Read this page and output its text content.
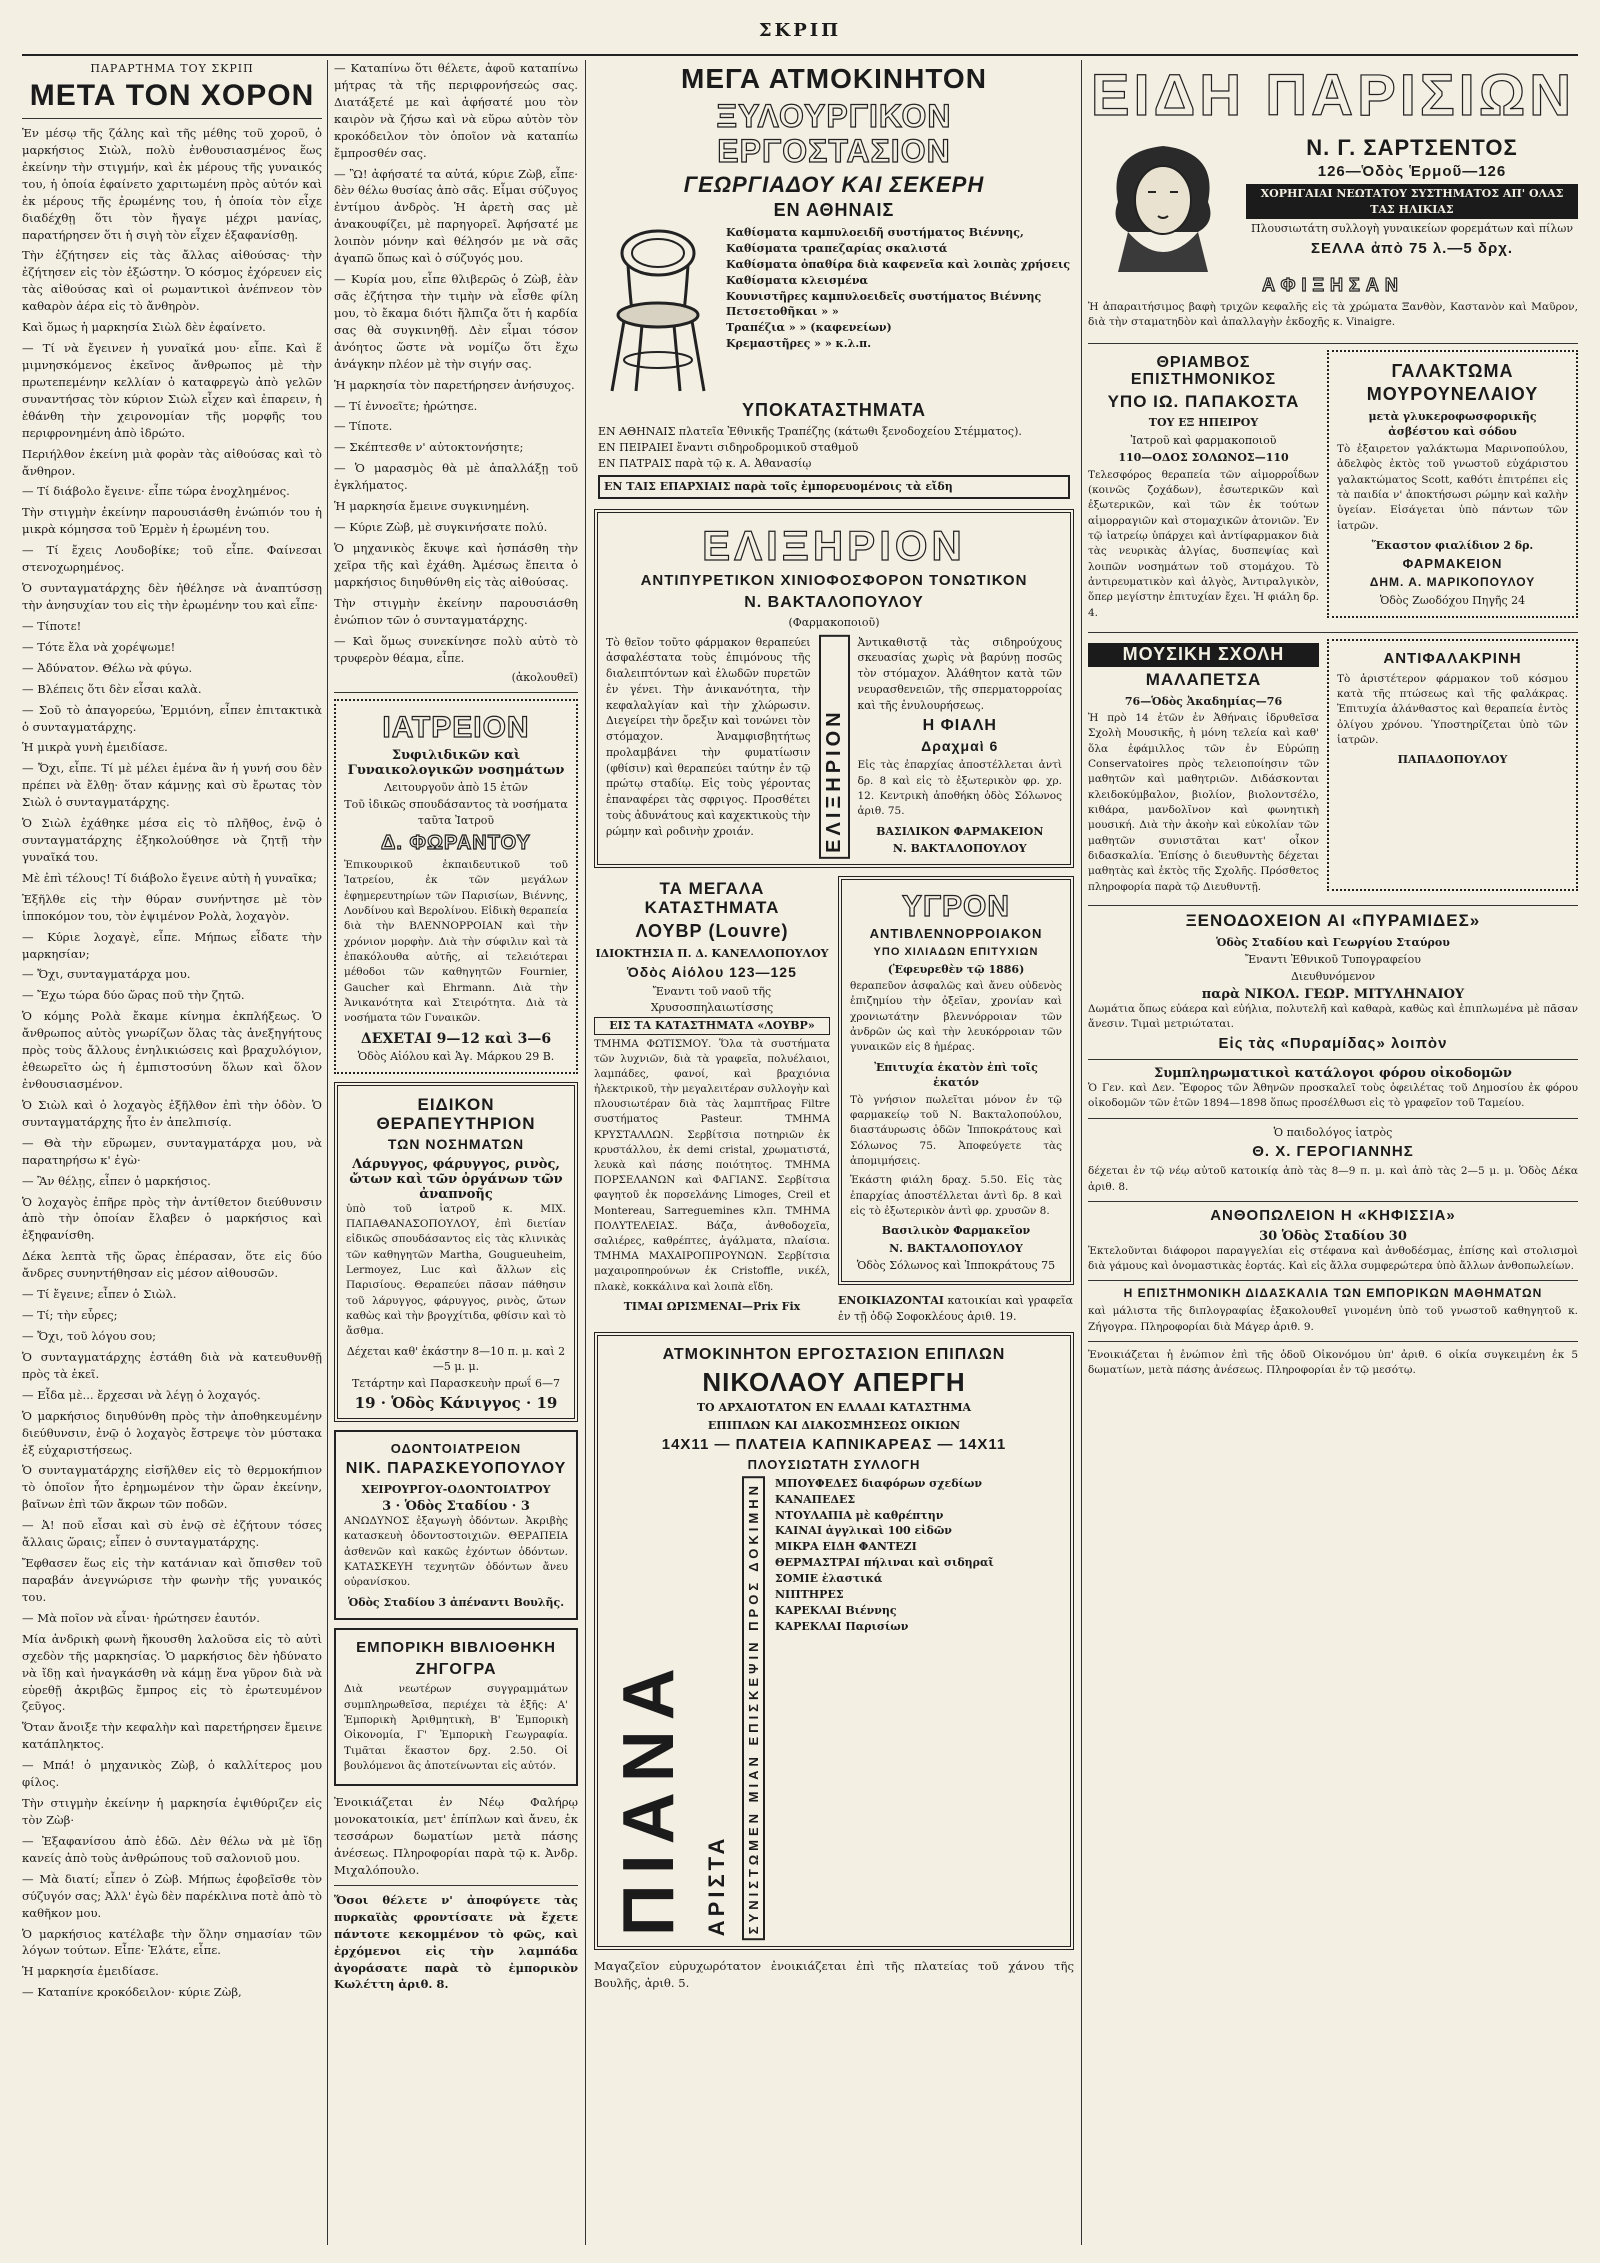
ΣΚΡΙΠ
ΠΑΡΑΡΤΗΜΑ ΤΟΥ ΣΚΡΙΠ
ΜΕΤΑ ΤΟΝ ΧΟΡΟΝ

Ἐν μέσῳ τῆς ζάλης καὶ τῆς μέθης τοῦ χοροῦ, ὁ μαρκήσιος Σιὼλ, πολὺ ἐνθουσιασμένος ἕως ἐκείνην τὴν στιγμήν, καὶ ἐκ μέρους τῆς γυναικός του, ἡ ὁποία ἐφαίνετο χαριτωμένη πρὸς αὐτόν καὶ ἐκ μέρους τῆς ἐρωμένης του, ἡ ὁποία τὸν εἶχε διαδέχθῃ ὅτι τὸν ἤγαγε μέχρι μανίας, παρατήρησεν ὅτι ἡ σιγὴ τὸν εἶχεν ἐξαφανίσθῃ.

Τὴν ἐζήτησεν εἰς τὰς ἄλλας αἰθούσας· τὴν ἐζήτησεν εἰς τὸν ἐξώστην. Ὁ κόσμος ἐχόρευεν εἰς τὰς αἰθούσας καὶ οἱ ρωμαντικοὶ ἀνέπνεον τὸν καθαρὸν ἀέρα εἰς τὸ ἄνθηρὸν.

Καὶ ὅμως ἡ μαρκησία Σιὼλ δὲν ἐφαίνετο.

— Τί νὰ ἔγεινεν ἡ γυναῖκά μου· εἶπε. Καὶ ἕ μιμνησκόμενος ἐκεῖνος ἄνθρωπος μὲ τὴν πρωτεπεμένην κελλίαν ὁ καταφρεγὼ ἀπὸ γελῶν συναντήσας τὸν κύριον Σιὼλ εἶχεν καὶ ἐπαρειν, ἡ ἐθάνθη τὴν χειρονομίαν τῆς μορφῆς του περιφρονημένη ἀπὸ ἰδρώτο.

Περιήλθον ἐκείνη μιὰ φορὰν τὰς αἰθούσας καὶ τὸ ἄνθηρον.

— Τί διάβολο ἔγεινε· εἶπε τώρα ἐνοχλημένος.

Τὴν στιγμὴν ἐκείνην παρουσιάσθη ἐνώπιόν του ἡ μικρὰ κόμησσα τοῦ Ἐρμὲν ἡ ἐρωμένη του.

— Τί ἔχεις Λουδοβίκε; τοῦ εἶπε. Φαίνεσαι στενοχωρημένος.

Ὁ συνταγματάρχης δὲν ἠθέλησε νὰ ἀναπτύσσῃ τὴν ἀνησυχίαν του εἰς τὴν ἐρωμένην του καὶ εἶπε·

— Τίποτε!

— Τότε ἔλα νὰ χορέψωμε!

— Ἀδύνατον. Θέλω νὰ φύγω.

— Βλέπεις ὅτι δὲν εἶσαι καλὰ.

— Σοῦ τὸ ἀπαγορεύω, Ἐρμιόνη, εἶπεν ἐπιτακτικὰ ὁ συνταγματάρχης.

Ἡ μικρὰ γυνὴ ἐμειδίασε.

— Ὄχι, εἶπε. Τί μὲ μέλει ἐμένα ἂν ἡ γυνή σου δὲν πρέπει νὰ ἔλθῃ· ὅταν κάμνῃς καὶ σὺ ἔρωτας τὸν Σιὼλ ὁ συνταγματάρχης.

Ὁ Σιὼλ ἐχάθηκε μέσα εἰς τὸ πλῆθος, ἐνῷ ὁ συνταγματάρχης ἐξηκολούθησε νὰ ζητῇ τὴν γυναῖκά του.

Μὲ ἐπὶ τέλους! Τί διάβολο ἔγεινε αὐτὴ ἡ γυναῖκα;

Ἐξῆλθε εἰς τὴν θύραν συνήντησε μὲ τὸν ἰπποκόμον του, τὸν ἐψιμένον Ρολὰ, λοχαγὸν.

— Κύριε λοχαγὲ, εἶπε. Μήπως εἶδατε τὴν μαρκησίαν;

— Ὄχι, συνταγματάρχα μου.

— Ἔχω τώρα δύο ὥρας ποῦ τὴν ζητῶ.

Ὁ κόμης Ρολὰ ἔκαμε κίνημα ἐκπλήξεως. Ὁ ἄνθρωπος αὐτὸς γνωρίζων ὅλας τὰς ἀνεξηγήτους πρὸς τοὺς ἄλλους ἐνηλικιώσεις καὶ βραχυλόγιον, ἐθεωρεῖτο ὡς ἡ ἐμπιστοσύνη ὅλων καὶ ὅλον ἐνθουσιασμένον.

Ὁ Σιὼλ καὶ ὁ λοχαγὸς ἐξῆλθον ἐπὶ τὴν ὁδὸν. Ὁ συνταγματάρχης ἦτο ἐν ἀπελπισίᾳ.

— Θὰ τὴν εὕρωμεν, συνταγματάρχα μου, νὰ παρατηρήσω κ' ἐγὼ·

— Ἂν θέλῃς, εἶπεν ὁ μαρκήσιος.

Ὁ λοχαγὸς ἐπῆρε πρὸς τὴν ἀντίθετον διεύθυνσιν ἀπὸ τὴν ὁποίαν ἔλαβεν ὁ μαρκήσιος καὶ ἐξηφανίσθη.

Δέκα λεπτὰ τῆς ὥρας ἐπέρασαν, ὅτε εἰς δύο ἄνδρες συνηντήθησαν εἰς μέσον αἰθουσῶν.

— Τί ἔγεινε; εἶπεν ὁ Σιὼλ.

— Τί; τὴν εὗρες;

— Ὄχι, τοῦ λόγου σου;

Ὁ συνταγματάρχης ἐστάθη διὰ νὰ κατευθυνθῇ πρὸς τὰ ἐκεῖ.

— Εἶδα μὲ... ἔρχεσαι νὰ λέγῃ ὁ λοχαγός.

Ὁ μαρκήσιος διηυθύνθη πρὸς τὴν ἀποθηκευμένην διεύθυνσιν, ἐνῷ ὁ λοχαγὸς ἔστρεψε τὸν μύστακα ἐξ εὐχαριστήσεως.

Ὁ συνταγματάρχης εἰσῆλθεν εἰς τὸ θερμοκήπιον τὸ ὁποῖον ἦτο ἐρημωμένον τὴν ὥραν ἐκείνην, βαῖνων ἐπὶ τῶν ἄκρων τῶν ποδῶν.

— Ἀ! ποῦ εἶσαι καὶ σὺ ἐνῷ σὲ ἐζήτουν τόσες ἄλλαις ὥραις; εἶπεν ὁ συνταγματάρχης.

Ἔφθασεν ἕως εἰς τὴν κατάνιαν καὶ ὄπισθεν τοῦ παραβάν ἀνεγνώρισε τὴν φωνὴν τῆς γυναικός του.

— Μὰ ποῖον νὰ εἶναι· ἠρώτησεν ἐαυτόν.

Μία ἀνδρικὴ φωνὴ ἤκουσθη λαλοῦσα εἰς τὸ αὐτὶ σχεδὸν τῆς μαρκησίας. Ὁ μαρκήσιος δὲν ἠδύνατο νὰ ἴδῃ καὶ ἠναγκάσθη νὰ κάμῃ ἕνα γῦρον διὰ νὰ εὑρεθῇ ἀκριβῶς ἔμπρος εἰς τὸ ἐρωτευμένον ζεῦγος.

Ὅταν ἄνοιξε τὴν κεφαλὴν καὶ παρετήρησεν ἔμεινε κατάπληκτος.

— Μπά! ὁ μηχανικὸς Ζὼβ, ὁ καλλίτερος μου φίλος.

Τὴν στιγμὴν ἐκείνην ἡ μαρκησία ἐψιθύριζεν εἰς τὸν Ζὼβ·

— Ἐξαφανίσου ἀπὸ ἐδῶ. Δὲν θέλω νὰ μὲ ἴδῃ κανείς ἀπὸ τοὺς ἀνθρώπους τοῦ σαλονιοῦ μου.

— Μὰ διατί; εἶπεν ὁ Ζὼβ. Μήπως ἐφοβεῖσθε τὸν σύζυγόν σας; Ἀλλ' ἐγὼ δὲν παρέκλινα ποτὲ ἀπὸ τὸ καθῆκον μου.

Ὁ μαρκήσιος κατέλαβε τὴν ὅλην σημασίαν τῶν λόγων τούτων. Εἶπε· Ἐλάτε, εἶπε.

Ἡ μαρκησία ἐμειδίασε.

— Καταπίνε κροκόδειλον· κύριε Ζὼβ,

— Καταπίνω ὅτι θέλετε, ἀφοῦ καταπίνω μήτρας τὰ τῆς περιφρονήσεώς σας. Διατάξετέ με καὶ ἀφήσατέ μου τὸν καιρὸν νὰ ζήσω καὶ νὰ εὕρω αὐτὸν τὸν κροκόδειλον τὸν ὁποῖον νὰ καταπίω ἔμπροσθέν σας.

— Ὢ! ἀφήσατέ τα αὐτά, κύριε Ζὼβ, εἶπε· δὲν θέλω θυσίας ἀπὸ σᾶς. Εἶμαι σύζυγος ἐντίμου ἀνδρὸς. Ἡ ἀρετὴ σας μὲ ἀνακουφίζει, μὲ παρηγορεῖ. Ἀφήσατέ με λοιπὸν μόνην καὶ θέλησόν με νὰ σᾶς ἀγαπῶ ὅπως καὶ ὁ σύζυγός μου.

— Κυρία μου, εἶπε θλιβερῶς ὁ Ζὼβ, ἐὰν σᾶς ἐζήτησα τὴν τιμὴν νὰ εἶσθε φίλη μου, τὸ ἔκαμα διότι ἤλπιζα ὅτι ἡ καρδία σας θὰ συγκινηθῇ. Δὲν εἶμαι τόσον ἀνόητος ὥστε νὰ νομίζω ὅτι ἔχω ἀνάγκην πλέον μὲ τὴν σιγήν σας.

Ἡ μαρκησία τὸν παρετήρησεν ἀνήσυχος.

— Τί ἐννοεῖτε; ἠρώτησε.

— Τίποτε.

— Σκέπτεσθε ν' αὐτοκτονήσητε;

— Ὁ μαρασμὸς θὰ μὲ ἀπαλλάξῃ τοῦ ἐγκλήματος.

Ἡ μαρκησία ἔμεινε συγκινημένη.

— Κύριε Ζὼβ, μὲ συγκινήσατε πολύ.

Ὁ μηχανικὸς ἔκυψε καὶ ἠσπάσθη τὴν χεῖρα τῆς καὶ ἐχάθη. Ἀμέσως ἔπειτα ὁ μαρκήσιος διηυθύνθη εἰς τὰς αἰθούσας.

Τὴν στιγμὴν ἐκείνην παρουσιάσθη ἐνώπιον τῶν ὁ συνταγματάρχης.

— Καὶ ὅμως συνεκίνησε πολὺ αὐτὸ τὸ τρυφερὸν θέαμα, εἶπε.

(ἀκολουθεῖ)
ΙΑΤΡΕΙΟΝ
Συφιλιδικῶν καὶ Γυναικολογικῶν νοσημάτων
Λειτουργοῦν ἀπὸ 15 ἐτῶν
Τοῦ ἰδικῶς σπουδάσαντος τὰ νοσήματα ταῦτα Ἰατροῦ
Δ. ΦΩΡΑΝΤΟΥ
Ἐπικουρικοῦ ἐκπαιδευτικοῦ τοῦ Ἰατρείου, ἐκ τῶν μεγάλων ἐφημερευτηρίων τῶν Παρισίων, Βιέννης, Λονδίνου καὶ Βερολίνου. Εἰδικὴ θεραπεία διὰ τὴν ΒΛΕΝΝΟΡΡΟΙΑΝ καὶ τὴν χρόνιον μορφὴν. Διὰ τὴν σύφιλιν καὶ τὰ ἐπακόλουθα αὐτῆς, αἱ τελειότεραι μέθοδοι τῶν καθηγητῶν Fournier, Gaucher καὶ Ehrmann. Διὰ τὴν Ἀνικανότητα καὶ Στειρότητα. Διὰ τὰ νοσήματα τῶν Γυναικῶν.
ΔΕΧΕΤΑΙ 9—12 καὶ 3—6
Ὁδὸς Αἰόλου καὶ Ἁγ. Μάρκου 29 Β.
ΕΙΔΙΚΟΝ ΘΕΡΑΠΕΥΤΗΡΙΟΝ
ΤΩΝ ΝΟΣΗΜΑΤΩΝ
Λάρυγγος, φάρυγγος, ρινὸς, ὤτων καὶ τῶν ὀργάνων τῶν ἀναπνοῆς
ὑπὸ τοῦ ἰατροῦ κ. ΜΙΧ. ΠΑΠΑΘΑΝΑΣΟΠΟΥΛΟΥ, ἐπὶ διετίαν εἰδικῶς σπουδάσαντος εἰς τὰς κλινικὰς τῶν καθηγητῶν Martha, Gougueuheim, Lermoyez, Luc καὶ ἄλλων εἰς Παρισίους. Θεραπεύει πᾶσαν πάθησιν τοῦ λάρυγγος, φάρυγγος, ρινὸς, ὤτων καθὼς καὶ τὴν βρογχίτιδα, φθίσιν καὶ τὸ ἄσθμα.
Δέχεται καθ' ἑκάστην 8—10 π. μ. καὶ 2—5 μ. μ.
Τετάρτην καὶ Παρασκευὴν πρωΐ 6—7
19 · Ὁδὸς Κάνιγγος · 19
ΟΔΟΝΤΟΙΑΤΡΕΙΟΝ
ΝΙΚ. ΠΑΡΑΣΚΕΥΟΠΟΥΛΟΥ
ΧΕΙΡΟΥΡΓΟΥ-ΟΔΟΝΤΟΙΑΤΡΟΥ
3 · Ὁδὸς Σταδίου · 3
ΑΝΩΔΥΝΟΣ ἐξαγωγὴ ὀδόντων. Ἀκριβὴς κατασκευὴ ὀδοντοστοιχιῶν. ΘΕΡΑΠΕΙΑ ἀσθενῶν καὶ κακῶς ἐχόντων ὀδόντων. ΚΑΤΑΣΚΕΥΗ τεχνητῶν ὀδόντων ἄνευ οὐρανίσκου.
Ὁδὸς Σταδίου 3 ἀπέναντι Βουλῆς.
ΕΜΠΟΡΙΚΗ ΒΙΒΛΙΟΘΗΚΗ
ΖΗΓΟΓΡΑ
Διὰ νεωτέρων συγγραμμάτων συμπληρωθεῖσα, περιέχει τὰ ἑξῆς: Α' Ἐμπορικὴ Ἀριθμητικὴ, Β' Ἐμπορικὴ Οἰκονομία, Γ' Ἐμπορικὴ Γεωγραφία. Τιμᾶται ἕκαστον δρχ. 2.50. Οἱ βουλόμενοι ἂς ἀποτείνωνται εἰς αὐτόν.
Ἐνοικιάζεται ἐν Νέῳ Φαλήρῳ μονοκατοικία, μετ' ἐπίπλων καὶ ἄνευ, ἐκ τεσσάρων δωματίων μετὰ πάσης ἀνέσεως. Πληροφορίαι παρὰ τῷ κ. Ἀνδρ. Μιχαλόπουλο.
Ὅσοι θέλετε ν' ἀποφύγετε τὰς πυρκαϊὰς φροντίσατε νὰ ἔχετε πάντοτε κεκομμένον τὸ φῶς, καὶ ἐρχόμενοι εἰς τὴν λαμπάδα ἀγοράσατε παρὰ τὸ ἐμπορικὸν Κωλέττη ἀριθ. 8.
ΜΕΓΑ ΑΤΜΟΚΙΝΗΤΟΝ
ΞΥΛΟΥΡΓΙΚΟΝ ΕΡΓΟΣΤΑΣΙΟΝ
ΓΕΩΡΓΙΑΔΟΥ ΚΑΙ ΣΕΚΕΡΗ
ΕΝ ΑΘΗΝΑΙΣ

Καθίσματα καμπυλοειδῆ συστήματος Βιέννης,

Καθίσματα τραπεζαρίας σκαλιστά

Καθίσματα ὀπαθίρα διὰ καφενεῖα καὶ λοιπὰς χρήσεις

Καθίσματα κλεισμένα

Κουνιστῆρες καμπυλοειδεῖς συστήματος Βιέννης

Πετσετοθῆκαι » »

Τραπέζια » » (καφενείων)

Κρεμαστῆρες » » κ.λ.π.

ΥΠΟΚΑΤΑΣΤΗΜΑΤΑ

ΕΝ ΑΘΗΝΑΙΣ πλατεῖα Ἐθνικῆς Τραπέζης (κάτωθι ξενοδοχείου Στέμματος).

ΕΝ ΠΕΙΡΑΙΕΙ ἔναντι σιδηροδρομικοῦ σταθμοῦ

ΕΝ ΠΑΤΡΑΙΣ παρὰ τῷ κ. Α. Ἀθανασίῳ

ΕΝ ΤΑΙΣ ΕΠΑΡΧΙΑΙΣ παρὰ τοῖς ἐμπορευομένοις τὰ εἴδη
ΕΛΙΞΗΡΙΟΝ
ΑΝΤΙΠΥΡΕΤΙΚΟΝ ΧΙΝΙΟΦΟΣΦΟΡΟΝ ΤΟΝΩΤΙΚΟΝ
Ν. ΒΑΚΤΑΛΟΠΟΥΛΟΥ
(Φαρμακοποιοῦ)
Τὸ θεῖον τοῦτο φάρμακον θεραπεύει ἀσφαλέστατα τοὺς ἐπιμόνους τῆς διαλειπτόντων καὶ ἑλωδῶν πυρετῶν ἐν γένει. Τὴν ἀνικανότητα, τὴν κεφαλαλγίαν καὶ τὴν χλώρωσιν. Διεγείρει τὴν ὄρεξιν καὶ τονώνει τὸν στόμαχον. Ἀναμφισβητήτως προλαμβάνει τὴν φυματίωσιν (φθίσιν) καὶ θεραπεύει ταύτην ἐν τῷ πρώτῳ σταδίῳ. Εἰς τοὺς γέροντας ἐπαναφέρει τὰς σφριγος. Προσθέτει τοὺς ἀδυνάτους καὶ καχεκτικοὺς τὴν ρώμην καὶ ροδινὴν χροιάν.	ΕΛΙΞΗΡΙΟΝ
Ἀντικαθιστᾷ τὰς σιδηρούχους σκευασίας χωρὶς νὰ βαρύνῃ ποσῶς τὸν στόμαχον. Ἀλάθητον κατὰ τῶν νευρασθενειῶν, τῆς σπερματορροίας καὶ τῆς ἐνυλουρήσεως.
Η ΦΙΑΛΗ
Δραχμαὶ 6
Εἰς τὰς ἐπαρχίας ἀποστέλλεται ἀντὶ δρ. 8 καὶ εἰς τὸ ἐξωτερικὸν φρ. χρ. 12. Κεντρικὴ ἀποθήκη ὁδὸς Σόλωνος ἀριθ. 75.
ΒΑΣΙΛΙΚΟΝ ΦΑΡΜΑΚΕΙΟΝ
Ν. ΒΑΚΤΑΛΟΠΟΥΛΟΥ
ΤΑ ΜΕΓΑΛΑ ΚΑΤΑΣΤΗΜΑΤΑ
ΛΟΥΒΡ (Louvre)
ΙΔΙΟΚΤΗΣΙΑ Π. Δ. ΚΑΝΕΛΛΟΠΟΥΛΟΥ
Ὁδὸς Αἰόλου 123—125
Ἔναντι τοῦ ναοῦ τῆς Χρυσοσπηλαιωτίσσης
ΕΙΣ ΤΑ ΚΑΤΑΣΤΗΜΑΤΑ «ΛΟΥΒΡ»
ΤΜΗΜΑ ΦΩΤΙΣΜΟΥ. Ὅλα τὰ συστήματα τῶν λυχνιῶν, διὰ τὰ γραφεῖα, πολυέλαιοι, λαμπάδες, φανοί, καὶ βραχιόνια ἠλεκτρικοῦ, τὴν μεγαλειτέραν συλλογὴν καὶ πλουσιωτέραν διὰ τὰς λαμπτῆρας Filtre συστήματος Pasteur. ΤΜΗΜΑ ΚΡΥΣΤΑΛΛΩΝ. Σερβίτσια ποτηριῶν ἐκ κρυστάλλου, ἐκ demi cristal, χρωματιστά, λευκὰ καὶ πάσης ποιότητος. ΤΜΗΜΑ ΠΟΡΣΕΛΑΝΩΝ καὶ ΦΑΓΙΑΝΣ. Σερβίτσια φαγητοῦ ἐκ πορσελάνης Limoges, Creil et Montereau, Sarreguemines κλπ. ΤΜΗΜΑ ΠΟΛΥΤΕΛΕΙΑΣ. Βάζα, ἀνθοδοχεῖα, σαλιέρες, καθρέπτες, ἀγάλματα, πλαίσια. ΤΜΗΜΑ ΜΑΧΑΙΡΟΠΙΡΟΥΝΩΝ. Σερβίτσια μαχαιροπηρούνων ἐκ Cristoffle, νικέλ, πλακὲ, κοκκάλινα καὶ λοιπὰ εἴδη.
ΤΙΜΑΙ ΩΡΙΣΜΕΝΑΙ—Prix Fix
ΥΓΡΟΝ
ΑΝΤΙΒΛΕΝΝΟΡΡΟΙΑΚΟΝ
ΥΠΟ ΧΙΛΙΑΔΩΝ ΕΠΙΤΥΧΙΩΝ
(Ἐφευρεθὲν τῷ 1886)
θεραπεῦον ἀσφαλῶς καὶ ἄνευ οὐδενὸς ἐπιζημίου τὴν ὀξεῖαν, χρονίαν καὶ χρονιωτάτην βλεννόρροιαν τῶν ἀνδρῶν ὡς καὶ τὴν λευκόρροιαν τῶν γυναικῶν εἰς 8 ἡμέρας.
Ἐπιτυχία ἑκατὸν ἐπὶ τοῖς ἑκατόν
Τὸ γνήσιον πωλεῖται μόνον ἐν τῷ φαρμακείῳ τοῦ Ν. Βακταλοπούλου, διαστάυρωσις ὁδῶν Ἱπποκράτους καὶ Σόλωνος 75. Ἀποφεύγετε τὰς ἀπομιμήσεις.
Ἑκάστη φιάλη δραχ. 5.50. Εἰς τὰς ἐπαρχίας ἀποστέλλεται ἀντὶ δρ. 8 καὶ εἰς τὸ ἐξωτερικὸν ἀντὶ φρ. χρυσῶν 8.
Βασιλικὸν Φαρμακεῖον
Ν. ΒΑΚΤΑΛΟΠΟΥΛΟΥ
Ὁδὸς Σόλωνος καὶ Ἱπποκράτους 75
ΕΝΟΙΚΙΑΖΟΝΤΑΙ κατοικίαι καὶ γραφεῖα ἐν τῇ ὁδῷ Σοφοκλέους ἀριθ. 19.
ΑΤΜΟΚΙΝΗΤΟΝ ΕΡΓΟΣΤΑΣΙΟΝ ΕΠΙΠΛΩΝ
ΝΙΚΟΛΑΟΥ ΑΠΕΡΓΗ
ΤΟ ΑΡΧΑΙΟΤΑΤΟΝ ΕΝ ΕΛΛΑΔΙ ΚΑΤΑΣΤΗΜΑ
ΕΠΙΠΛΩΝ ΚΑΙ ΔΙΑΚΟΣΜΗΣΕΩΣ ΟΙΚΙΩΝ
14Χ11 — ΠΛΑΤΕΙΑ ΚΑΠΝΙΚΑΡΕΑΣ — 14Χ11
ΠΛΟΥΣΙΩΤΑΤΗ ΣΥΛΛΟΓΗ
ΠΙΑΝΑ ΑΡΙΣΤΑ	ΣΥΝΙΣΤΩΜΕΝ ΜΙΑΝ ΕΠΙΣΚΕΨΙΝ ΠΡΟΣ ΔΟΚΙΜΗΝ	ΜΠΟΥΦΕΔΕΣ διαφόρων σχεδίων

ΚΑΝΑΠΕΔΕΣ

ΝΤΟΥΛΑΠΙΑ μὲ καθρέπτην

ΚΑΙΝΑΙ ἀγγλικαὶ 100 εἰδῶν

ΜΙΚΡΑ ΕΙΔΗ ΦΑΝΤΕΖΙ

ΘΕΡΜΑΣΤΡΑΙ πήλιναι καὶ σιδηραῖ

ΣΟΜΙΕ ἐλαστικά

ΝΙΠΤΗΡΕΣ

ΚΑΡΕΚΛΑΙ Βιέννης

ΚΑΡΕΚΛΑΙ Παρισίων

Μαγαζεῖον εὐρυχωρότατον ἐνοικιάζεται ἐπὶ τῆς πλατείας τοῦ χάνου τῆς Βουλῆς, ἀριθ. 5.
ΕΙΔΗ ΠΑΡΙΣΙΩΝ
Ν. Γ. ΣΑΡΤΣΕΝΤΟΣ
126—Ὁδὸς Ἑρμοῦ—126
ΧΟΡΗΓΑΙΑΙ ΝΕΩΤΑΤΟΥ ΣΥΣΤΗΜΑΤΟΣ ΑΠ' ΟΛΑΣ ΤΑΣ ΗΛΙΚΙΑΣ
Πλουσιωτάτη συλλογὴ γυναικείων φορεμάτων καὶ πίλων
ΣΕΛΛΑ ἀπὸ 75 λ.—5 δρχ.
ΑΦΙΞΗΣΑΝ
Ἡ ἀπαραιτήσιμος βαφὴ τριχῶν κεφαλῆς εἰς τὰ χρώματα Ξανθὸν, Καστανὸν καὶ Μαῦρον, διὰ τὴν σταματηδὸν καὶ ἀπαλλαγὴν ἐκδοχῆς κ. Vinaigre.
ΘΡΙΑΜΒΟΣ ΕΠΙΣΤΗΜΟΝΙΚΟΣ
ΥΠΟ ΙΩ. ΠΑΠΑΚΟΣΤΑ
ΤΟΥ ΕΞ ΗΠΕΙΡΟΥ
Ἰατροῦ καὶ φαρμακοποιοῦ
110—ΟΔΟΣ ΣΟΛΩΝΟΣ—110
Τελεσφόρος θεραπεία τῶν αἱμορροΐδων (κοινῶς ζοχάδων), ἐσωτερικῶν καὶ ἐξωτερικῶν, καὶ τῶν ἐκ τούτων αἱμορραγιῶν καὶ στομαχικῶν ἀτονιῶν. Ἐν τῷ ἰατρείῳ ὑπάρχει καὶ ἀντίφαρμακον διὰ τὰς νευρικὰς ἀλγίας, δυσπεψίας καὶ λοιπῶν νοσημάτων τοῦ στομάχου. Τὸ ἀντιρευματικὸν καὶ ἀλγὸς, Ἀντιραλγικὸν, ὅπερ μεγίστην ἐπιτυχίαν ἔχει. Ἡ φιάλη δρ. 4.
ΓΑΛΑΚΤΩΜΑ
ΜΟΥΡΟΥΝΕΛΑΙΟΥ
μετὰ γλυκεροφωσφορικῆς ἀσβέστου καὶ σόδου
Τὸ ἐξαιρετον γαλάκτωμα Μαρινοπούλου, ἀδελφὸς ἐκτὸς τοῦ γνωστοῦ εὐχάριστου γαλακτώματος Scott, καθότι ἐπιτρέπει εἰς τὰ παιδία ν' ἀποκτήσωσι ρώμην καὶ καλὴν ὑγείαν. Εἰσάγεται ὑπὸ πάντων τῶν ἰατρῶν.
Ἕκαστον φιαλίδιον 2 δρ.
ΦΑΡΜΑΚΕΙΟΝ
ΔΗΜ. Α. ΜΑΡΙΚΟΠΟΥΛΟΥ
Ὁδὸς Ζωοδόχου Πηγῆς 24
ΜΟΥΣΙΚΗ ΣΧΟΛΗ
ΜΑΛΑΠΕΤΣΑ
76—Ὁδὸς Ἀκαδημίας—76
Ἡ πρὸ 14 ἐτῶν ἐν Ἀθήναις ἱδρυθεῖσα Σχολὴ Μουσικῆς, ἡ μόνη τελεία καὶ καθ' ὅλα ἐφάμιλλος τῶν ἐν Εὐρώπῃ Conservatoires πρὸς τελειοποίησιν τῶν μαθητῶν καὶ μαθητριῶν. Διδάσκονται κλειδοκύμβαλον, βιολίον, βιολοντσέλο, κιθάρα, μανδολῖνον καὶ φωνητικὴ μουσική. Διὰ τὴν ἀκοὴν καὶ εὐκολίαν τῶν μαθητῶν συνιστᾶται κατ' οἶκον διδασκαλία. Ἐπίσης ὁ διευθυντὴς δέχεται μαθητὰς καὶ ἐκτὸς τῆς Σχολῆς. Πρόσθετος πληροφορία παρὰ τῷ Διευθυντῇ.
ΑΝΤΙΦΑΛΑΚΡΙΝΗ
Τὸ ἀριστέτερον φάρμακον τοῦ κόσμου κατὰ τῆς πτώσεως καὶ τῆς φαλάκρας. Ἐπιτυχία ἀλάνθαστος καὶ θεραπεία ἐντὸς ὀλίγου χρόνου. Ὑποστηρίζεται ὑπὸ τῶν ἰατρῶν.
ΠΑΠΑΔΟΠΟΥΛΟΥ
ΞΕΝΟΔΟΧΕΙΟΝ ΑΙ «ΠΥΡΑΜΙΔΕΣ»
Ὁδὸς Σταδίου καὶ Γεωργίου Σταύρου
Ἔναντι Ἐθνικοῦ Τυπογραφείου
Διευθυνόμενον
παρὰ ΝΙΚΟΛ. ΓΕΩΡ. ΜΙΤΥΛΗΝΑΙΟΥ
Δωμάτια ὅπως εὐάερα καὶ εὐήλια, πολυτελῆ καὶ καθαρὰ, καθὼς καὶ ἐπιπλωμένα μὲ πᾶσαν ἄνεσιν. Τιμαὶ μετριώταται.
Εἰς τὰς «Πυραμίδας» λοιπὸν
Συμπληρωματικοὶ κατάλογοι φόρου οἰκοδομῶν
Ὁ Γεν. καὶ Δεν. Ἔφορος τῶν Ἀθηνῶν προσκαλεῖ τοὺς ὀφειλέτας τοῦ Δημοσίου ἐκ φόρου οἰκοδομῶν τῶν ἐτῶν 1894—1898 ὅπως προσέλθωσι εἰς τὸ γραφεῖον τοῦ Ταμείου.
Ὁ παιδολόγος ἰατρὸς
Θ. Χ. ΓΕΡΟΓΙΑΝΝΗΣ
δέχεται ἐν τῷ νέῳ αὐτοῦ κατοικίᾳ ἀπὸ τὰς 8—9 π. μ. καὶ ἀπὸ τὰς 2—5 μ. μ. Ὁδὸς Δέκα ἀριθ. 8.
ΑΝΘΟΠΩΛΕΙΟΝ Η «ΚΗΦΙΣΣΙΑ»
30 Ὁδὸς Σταδίου 30
Ἐκτελοῦνται διάφοροι παραγγελίαι εἰς στέφανα καὶ ἀνθοδέσμας, ἐπίσης καὶ στολισμοὶ διὰ γάμους καὶ ὀνομαστικὰς ἑορτάς. Καὶ εἰς ἄλλα συμφερώτερα ὑπὸ ἄλλων ἀνθοπωλείων.
Η ΕΠΙΣΤΗΜΟΝΙΚΗ ΔΙΔΑΣΚΑΛΙΑ ΤΩΝ ΕΜΠΟΡΙΚΩΝ ΜΑΘΗΜΑΤΩΝ
καὶ μάλιστα τῆς διπλογραφίας ἐξακολουθεῖ γινομένη ὑπὸ τοῦ γνωστοῦ καθηγητοῦ κ. Ζήγογρα. Πληροφορίαι διὰ Μάγερ ἀριθ. 9.
Ἐνοικιάζεται ἡ ἐνώπιον ἐπὶ τῆς ὁδοῦ Οἰκονόμου ὑπ' ἀριθ. 6 οἰκία συγκειμένη ἐκ 5 δωματίων, μετὰ πάσης ἀνέσεως. Πληροφορίαι ἐν τῷ μεσότῳ.
